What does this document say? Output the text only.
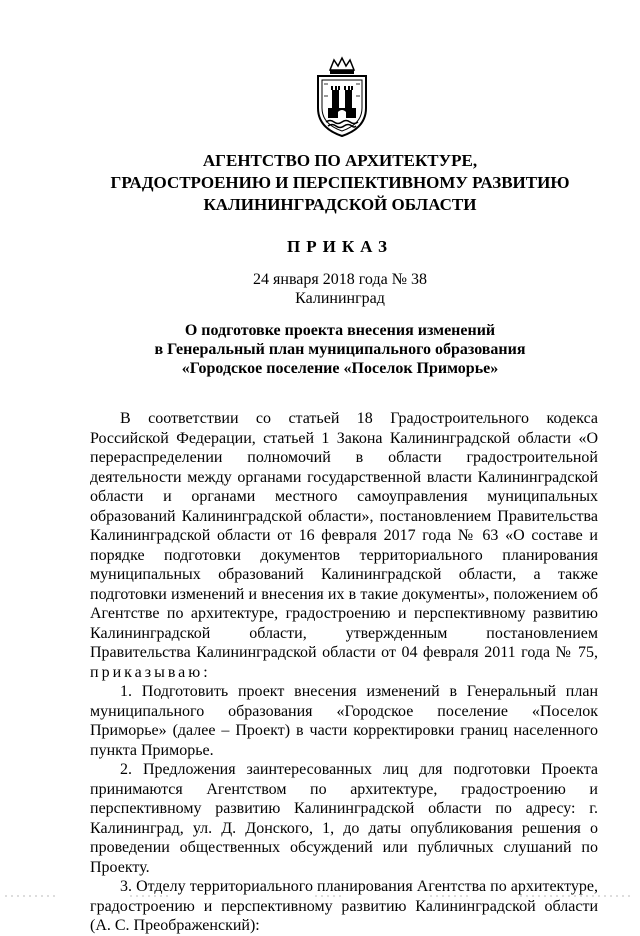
АГЕНТСТВО ПО АРХИТЕКТУРЕ,
ГРАДОСТРОЕНИЮ И ПЕРСПЕКТИВНОМУ РАЗВИТИЮ
КАЛИНИНГРАДСКОЙ ОБЛАСТИ
ПРИКАЗ
24 января 2018 года № 38
Калининград
О подготовке проекта внесения изменений
в Генеральный план муниципального образования
«Городское поселение «Поселок Приморье»

В соответствии со статьей 18 Градостроительного кодекса Российской Федерации, статьей 1 Закона Калининградской области «О перераспределении полномочий в области градостроительной деятельности между органами государственной власти Калининградской области и органами местного самоуправления муниципальных образований Калининградской области», постановлением Правительства Калининградской области от 16 февраля 2017 года № 63 «О составе и порядке подготовки документов территориального планирования муниципальных образований Калининградской области, а также подготовки изменений и внесения их в такие документы», положением об Агентстве по архитектуре, градостроению и перспективному развитию Калининградской области, утвержденным постановлением Правительства Калининградской области от 04 февраля 2011 года № 75, приказываю:

1. Подготовить проект внесения изменений в Генеральный план муниципального образования «Городское поселение «Поселок Приморье» (далее – Проект) в части корректировки границ населенного пункта Приморье.

2. Предложения заинтересованных лиц для подготовки Проекта принимаются Агентством по архитектуре, градостроению и перспективному развитию Калининградской области по адресу: г. Калининград, ул. Д. Донского, 1, до даты опубликования решения о проведении общественных обсуждений или публичных слушаний по Проекту.

3. Отделу территориального планирования Агентства по архитектуре, градостроению и перспективному развитию Калининградской области (А. С. Преображенский):
